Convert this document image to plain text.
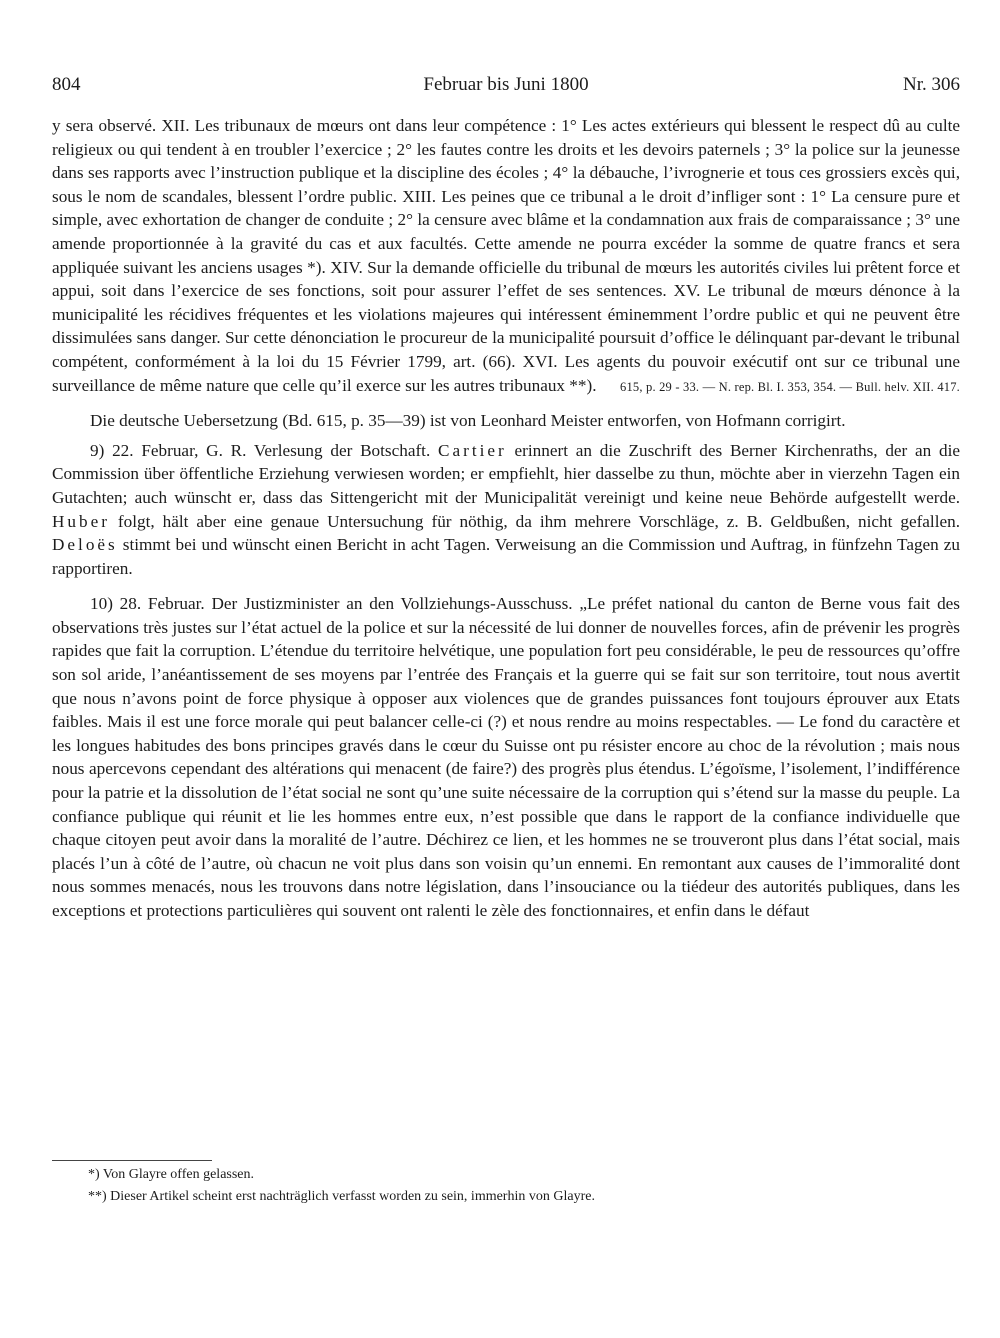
804	Februar bis Juni 1800	Nr. 306

y sera observé. XII. Les tribunaux de mœurs ont dans leur compétence : 1° Les actes extérieurs qui blessent le respect dû au culte religieux ou qui tendent à en troubler l’exercice ; 2° les fautes contre les droits et les devoirs paternels ; 3° la police sur la jeunesse dans ses rapports avec l’instruction publique et la discipline des écoles ; 4° la débauche, l’ivrognerie et tous ces grossiers excès qui, sous le nom de scandales, blessent l’ordre public. XIII. Les peines que ce tribunal a le droit d’infliger sont : 1° La censure pure et simple, avec exhortation de changer de conduite ; 2° la censure avec blâme et la condamnation aux frais de comparaissance ; 3° une amende proportionnée à la gravité du cas et aux facultés. Cette amende ne pourra excéder la somme de quatre francs et sera appliquée suivant les anciens usages *). XIV. Sur la demande officielle du tribunal de mœurs les autorités civiles lui prêtent force et appui, soit dans l’exercice de ses fonctions, soit pour assurer l’effet de ses sentences. XV. Le tribunal de mœurs dénonce à la municipalité les récidives fréquentes et les violations majeures qui intéressent éminemment l’ordre public et qui ne peuvent être dissimulées sans danger. Sur cette dénonciation le procureur de la municipalité poursuit d’office le délinquant par-devant le tribunal compétent, conformément à la loi du 15 Février 1799, art. (66). XVI. Les agents du pouvoir exécutif ont sur ce tribunal une surveillance de même nature que celle qu’il exerce sur les autres tribunaux **). 615, p. 29 - 33. — N. rep. Bl. I. 353, 354. — Bull. helv. XII. 417.

Die deutsche Uebersetzung (Bd. 615, p. 35—39) ist von Leonhard Meister entworfen, von Hofmann corrigirt.

9) 22. Februar, G. R. Verlesung der Botschaft. Cartier erinnert an die Zuschrift des Berner Kirchenraths, der an die Commission über öffentliche Erziehung verwiesen worden; er empfiehlt, hier dasselbe zu thun, möchte aber in vierzehn Tagen ein Gutachten; auch wünscht er, dass das Sittengericht mit der Municipalität vereinigt und keine neue Behörde aufgestellt werde. Huber folgt, hält aber eine genaue Untersuchung für nöthig, da ihm mehrere Vorschläge, z. B. Geldbußen, nicht gefallen. Deloës stimmt bei und wünscht einen Bericht in acht Tagen. Verweisung an die Commission und Auftrag, in fünfzehn Tagen zu rapportiren.

10) 28. Februar. Der Justizminister an den Vollziehungs-Ausschuss. „Le préfet national du canton de Berne vous fait des observations très justes sur l’état actuel de la police et sur la nécessité de lui donner de nouvelles forces, afin de prévenir les progrès rapides que fait la corruption. L’étendue du territoire helvétique, une population fort peu considérable, le peu de ressources qu’offre son sol aride, l’anéantissement de ses moyens par l’entrée des Français et la guerre qui se fait sur son territoire, tout nous avertit que nous n’avons point de force physique à opposer aux violences que de grandes puissances font toujours éprouver aux Etats faibles. Mais il est une force morale qui peut balancer celle-ci (?) et nous rendre au moins respectables. — Le fond du caractère et les longues habitudes des bons principes gravés dans le cœur du Suisse ont pu résister encore au choc de la révolution ; mais nous nous apercevons cependant des altérations qui menacent (de faire?) des progrès plus étendus. L’égoïsme, l’isolement, l’indifférence pour la patrie et la dissolution de l’état social ne sont qu’une suite nécessaire de la corruption qui s’étend sur la masse du peuple. La confiance publique qui réunit et lie les hommes entre eux, n’est possible que dans le rapport de la confiance individuelle que chaque citoyen peut avoir dans la moralité de l’autre. Déchirez ce lien, et les hommes ne se trouveront plus dans l’état social, mais placés l’un à côté de l’autre, où chacun ne voit plus dans son voisin qu’un ennemi. En remontant aux causes de l’immoralité dont nous sommes menacés, nous les trouvons dans notre législation, dans l’insouciance ou la tiédeur des autorités publiques, dans les exceptions et protections particulières qui souvent ont ralenti le zèle des fonctionnaires, et enfin dans le défaut

*) Von Glayre offen gelassen.

**) Dieser Artikel scheint erst nachträglich verfasst worden zu sein, immerhin von Glayre.
